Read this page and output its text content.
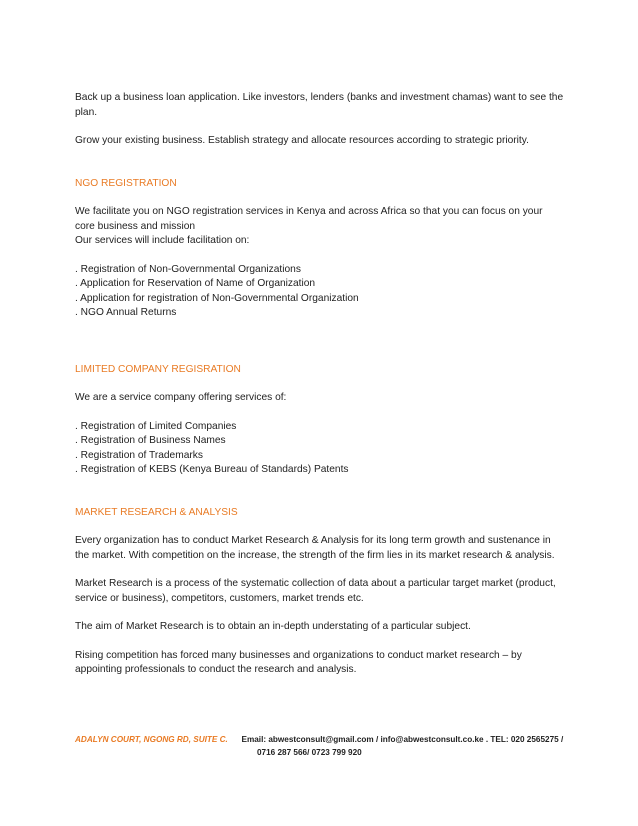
Back up a business loan application. Like investors, lenders (banks and investment chamas) want to see the plan.

Grow your existing business. Establish strategy and allocate resources according to strategic priority.

NGO REGISTRATION

We facilitate you on NGO registration services in Kenya and across Africa so that you can focus on your core business and mission

Our services will include facilitation on:

. Registration of Non-Governmental Organizations

. Application for Reservation of Name of Organization

. Application for registration of Non-Governmental Organization

. NGO Annual Returns

LIMITED COMPANY REGISRATION

We are a service company offering services of:

. Registration of Limited Companies

. Registration of Business Names

. Registration of Trademarks

. Registration of KEBS (Kenya Bureau of Standards) Patents

MARKET RESEARCH & ANALYSIS

Every organization has to conduct Market Research & Analysis for its long term growth and sustenance in the market. With competition on the increase, the strength of the firm lies in its market research & analysis.

Market Research is a process of the systematic collection of data about a particular target market (product, service or business), competitors, customers, market trends etc.

The aim of Market Research is to obtain an in-depth understating of a particular subject.

Rising competition has forced many businesses and organizations to conduct market research – by appointing professionals to conduct the research and analysis.

ADALYN COURT, NGONG RD, SUITE C. Email: abwestconsult@gmail.com / info@abwestconsult.co.ke . TEL: 020 2565275 /
0716 287 566/ 0723 799 920
